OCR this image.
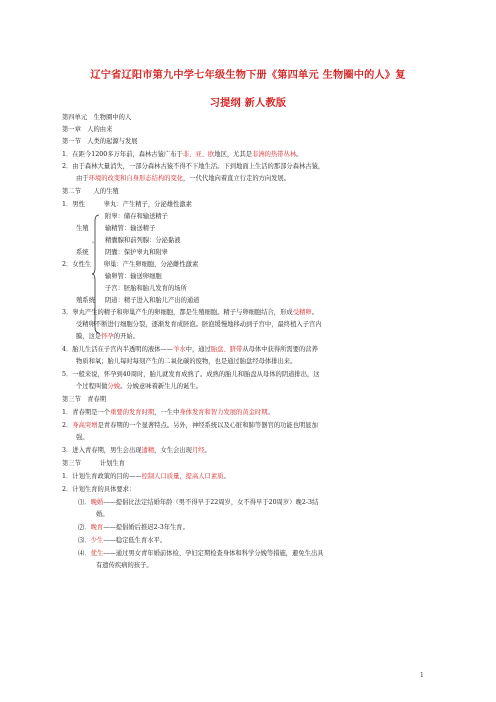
辽宁省辽阳市第九中学七年级生物下册《第四单元 生物圈中的人》复
习提纲 新人教版
第四单元　生物圈中的人
第一章　人的由来
第一节　人类的起源与发展
1．在距今1200多万年前，森林古猿广布于非、亚、欧地区，尤其是非洲的热带丛林。
2．由于森林大量消失，一部分森林古猿不得不下地生活。下到地面上生活的那部分森林古猿，
由于环境的改变和自身形态结构的变化，一代代地向着直立行走的方向发展。
第二节　　人的生殖
1．男性　　　睾丸：产生精子，分泌雄性激素
附睾：储存和输送精子
生殖	输精管：输送精子
， 精囊腺和前列腺：分泌黏液
系统	阴囊：保护睾丸和附睾
2．女性生　　卵巢：产生卵细胞，分泌雌性激素
． 输卵管：输送卵细胞
子宫：胚胎和胎儿发育的场所
殖系统 阴道：精子进入和胎儿产出的通道
3．睾丸产生的精子和卵巢产生的卵细胞，都是生殖细胞。精子与卵细胞结合，形成受精卵。
受精卵不断进行细胞分裂，逐渐发育成胚泡。胚泡缓慢地移动到子宫中，最终植入子宫内
膜，这是怀孕的开始。
4．胎儿生活在子宫内半透明的液体——羊水中，通过胎盘、脐带从母体中获得所需要的营养
物质和氧；胎儿每时每刻产生的二氧化碳的废物，也是通过胎盘经母体排出来。
5．一般来说，怀孕到40周时，胎儿就发育成熟了。成熟的胎儿和胎盘从母体的阴道排出，这
个过程叫做分娩。分娩意味着新生儿的诞生。
第三节　青春期
1．青春期是一个重要的发育时期，一生中身体发育和智力发展的黄金时期。
2．身高突增是青春期的一个显著特点。另外，神经系统以及心脏和肺等器官的功能也明显加
强。
3．进入青春期，男生会出现遗精，女生会出现月经。
第三节　　　计划生育
1．计划生育政策的目的——控制人口质量，提高人口素质。
2．计划生育的具体要求：
⑴．晚婚——提倡比法定结婚年龄（男不得早于22周岁，女不得早于20周岁）晚2-3结
婚。
⑵．晚育——提倡婚后推迟2-3年生育。
⑶．少生——稳定低生育水平。
⑷．优生——通过男女青年婚前体检、孕妇定期检查身体和科学分娩等措施，避免生出具
有遗传疾病的孩子。
1
